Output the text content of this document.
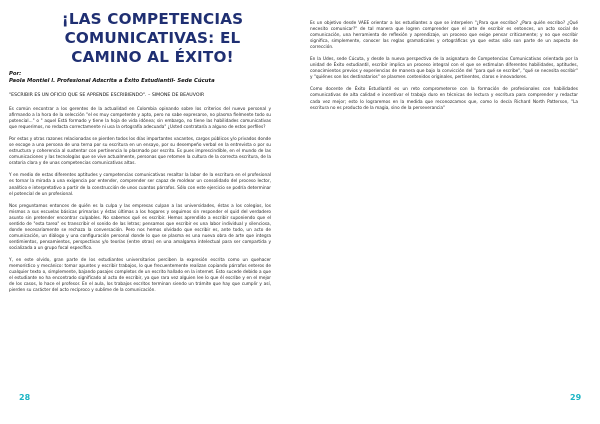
¡LAS COMPETENCIAS COMUNICATIVAS: EL CAMINO AL ÉXITO!
Por:
Paola Montiel l. Profesional Adscrita a Éxito Estudiantil- Sede Cúcuta
"ESCRIBIR ES UN OFICIO QUE SE APRENDE ESCRIBIENDO". – SIMONE DE BEAUVOIR

Es común encontrar a los gerentes de la actualidad en Colombia opinando sobre los criterios del nuevo personal y afirmando a la hora de la selección "el es muy competente y apto, pero no sabe expresarse, no plasma fielmente todo su potencial..." o " aquel Está formado y tiene la hoja de vida idónea; sin embargo, no tiene las habilidades comunicativas que requerimos, no redacta correctamente ni usa la ortografía adecuada" ¿Usted contrataría a alguno de estos perfiles?

Por estas y otras razones relacionadas se pierden todos los días importantes vacantes, cargos públicos y/o privados donde se escoge a una persona de una terna por su escritura en un ensayo, por su desempeño verbal en la entrevista o por su estructura y coherencia al sustentar con pertinencia lo plasmado por escrito. Es pues imprescindible, en el mundo de las comunicaciones y las tecnologías que se vive actualmente, personas que retomen la cultura de la correcta escritura, de la oratoria clara y de unas competencias comunicativas altas.

Y en medio de estas diferentes aptitudes y competencias comunicativas resaltar la labor de la escritura en el profesional es tornar la mirada a una exigencia por entender, comprender ser capaz de moldear un consolidado del proceso lector, analítico e interpretativo a partir de la construcción de unos cuantos párrafos. Sólo con este ejercicio se podría determinar el potencial de un profesional.

Nos preguntamos entonces de quién es la culpa y las empresas culpan a las universidades, éstas a los colegios, los mismos a sus escuelas básicas primarias y éstas últimas a los hogares y seguimos sin responder el quid del verdadero asunto sin pretender encontrar culpables. No sabemos qué es escribir. Hemos aprendido a escribir suponiendo que el sentido de "esta tarea" es transcribir el sonido de las letras; pensamos que escribir es una labor individual y silenciosa, donde necesariamente se rechaza la conversación. Pero nos hemos olvidado que escribir es, ante todo, un acto de comunicación, un diálogo y una configuración personal donde lo que se plasma es una nueva obra de arte que integra sentimientos, pensamientos, perspectivas y/o teorías (entre otras) en una amalgama intelectual para ser compartida y socializada a un grupo focal específico.

Y, en este olvido, gran parte de los estudiantes universitarios perciben la expresión escrita como un quehacer memorístico y mecánico: tomar apuntes y escribir trabajos, lo que frecuentemente realizan copiando párrafos enteros de cualquier texto o, simplemente, bajando pasajes completos de un escrito hallado en la internet. Esto sucede debido a que el estudiante no ha encontrado significado al acto de escribir, ya que rara vez alguien lee lo que él escribe y en el mejor de los casos, lo hace el profesor. En el aula, los trabajos escritos terminan siendo un trámite que hay que cumplir y así, pierden su carácter del acto recíproco y sublime de la comunicación.

28

Es un objetivo desde VAEE orientar a los estudiantes a que se interpelen "¿Para que escribo? ¿Para quién escribo? ¿Qué necesito comunicar?" de tal manera que logren comprender que el arte de escribir es entonces, un acto social de comunicación, una herramienta de reflexión y aprendizaje, un proceso que exige pensar críticamente; y no que escribir significa, simplemente, conocer las reglas gramaticales y ortográficas ya que estas sólo son parte de un aspecto de corrección.

En la Udes, sede Cúcuta, y desde la nueva perspectiva de la asignatura de Competencias Comunicativas orientada por la unidad de Éxito estudiantil, escribir implica un proceso integral con el que se estimulan diferentes habilidades, aptitudes, conocimientos previos y experiencias de manera que bajo la convicción del "para qué se escribe", "qué se necesita escribir" y "quiénes son los destinatarios" se plasmen contenidos originales, pertinentes, claros e innovadores.

Como docente de Éxito Estudiantil es un reto comprometerse con la formación de profesionales con habilidades comunicativas de alta calidad e incentivar el trabajo duro en técnicas de lectura y escritura para comprender y redactar cada vez mejor; esto lo lograremos en la medida que reconozcamos que, como lo decía Richard North Patterson, "La escritura no es producto de la magia, sino de la perseverancia"

29
